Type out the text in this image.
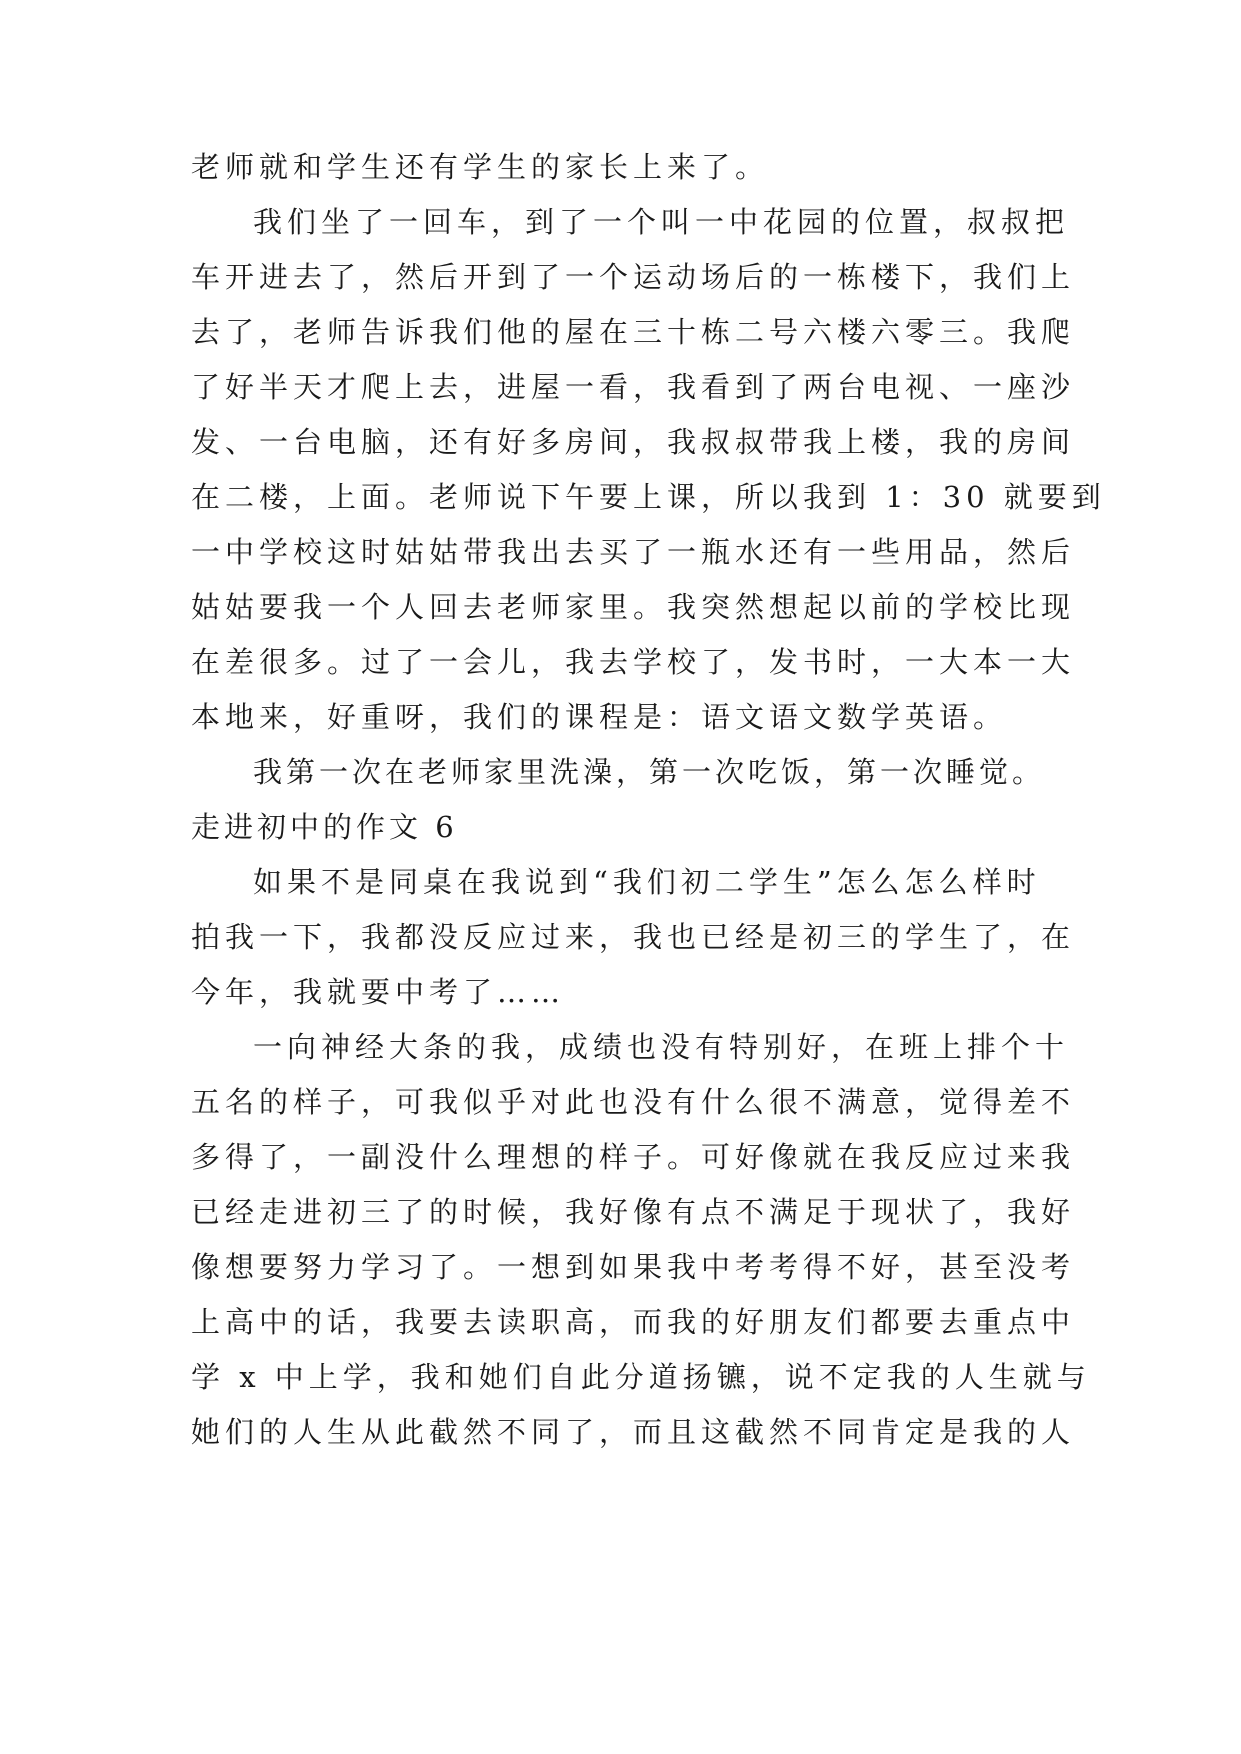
老师就和学生还有学生的家长上来了。
我们坐了一回车，到了一个叫一中花园的位置，叔叔把
车开进去了，然后开到了一个运动场后的一栋楼下，我们上
去了，老师告诉我们他的屋在三十栋二号六楼六零三。我爬
了好半天才爬上去，进屋一看，我看到了两台电视、一座沙
发、一台电脑，还有好多房间，我叔叔带我上楼，我的房间
在二楼，上面。老师说下午要上课，所以我到 1：30 就要到
一中学校这时姑姑带我出去买了一瓶水还有一些用品，然后
姑姑要我一个人回去老师家里。我突然想起以前的学校比现
在差很多。过了一会儿，我去学校了，发书时，一大本一大
本地来，好重呀，我们的课程是：语文语文数学英语。
我第一次在老师家里洗澡，第一次吃饭，第一次睡觉。
走进初中的作文 6
如果不是同桌在我说到“我们初二学生”怎么怎么样时
拍我一下，我都没反应过来，我也已经是初三的学生了，在
今年，我就要中考了……
一向神经大条的我，成绩也没有特别好，在班上排个十
五名的样子，可我似乎对此也没有什么很不满意，觉得差不
多得了，一副没什么理想的样子。可好像就在我反应过来我
已经走进初三了的时候，我好像有点不满足于现状了，我好
像想要努力学习了。一想到如果我中考考得不好，甚至没考
上高中的话，我要去读职高，而我的好朋友们都要去重点中
学 x 中上学，我和她们自此分道扬镳，说不定我的人生就与
她们的人生从此截然不同了，而且这截然不同肯定是我的人
